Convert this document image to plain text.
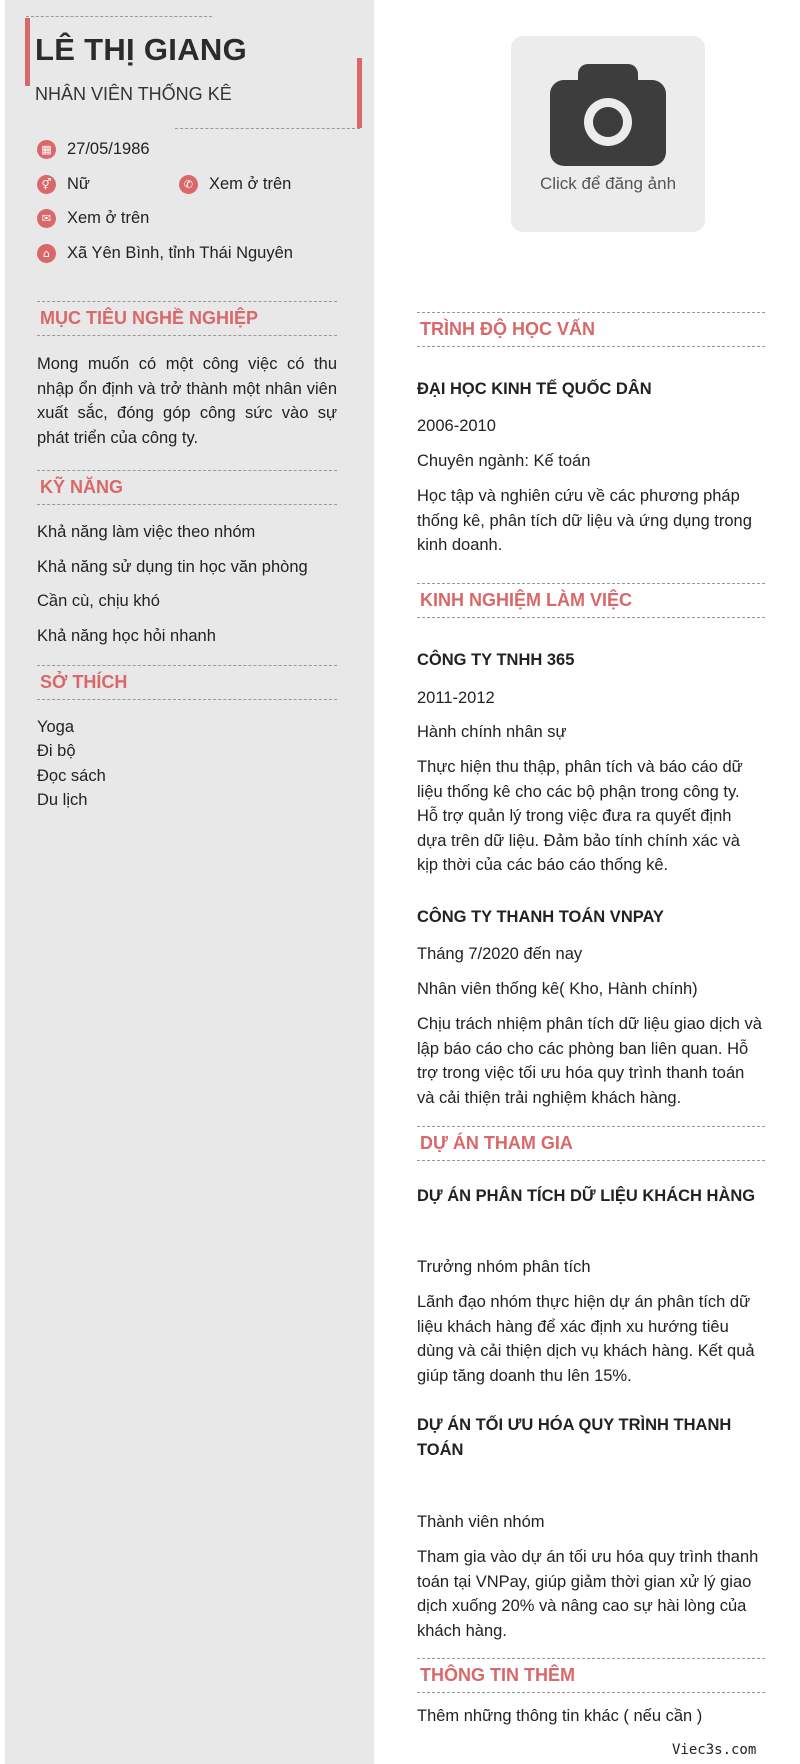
LÊ THỊ GIANG
NHÂN VIÊN THỐNG KÊ
▦ 27/05/1986
⚥ Nữ	✆ Xem ở trên
✉ Xem ở trên
⌂	Xã Yên Bình, tỉnh Thái Nguyên
MỤC TIÊU NGHỀ NGHIỆP
Mong muốn có một công việc có thu nhập ổn định và trở thành một nhân viên xuất sắc, đóng góp công sức vào sự phát triển của công ty.
KỸ NĂNG
Khả năng làm việc theo nhóm
Khả năng sử dụng tin học văn phòng
Cần cù, chịu khó
Khả năng học hỏi nhanh
SỞ THÍCH
Yoga
Đi bộ
Đọc sách
Du lịch
Click để đăng ảnh
TRÌNH ĐỘ HỌC VẤN
ĐẠI HỌC KINH TẾ QUỐC DÂN
2006-2010
Chuyên ngành: Kế toán
Học tập và nghiên cứu về các phương pháp thống kê, phân tích dữ liệu và ứng dụng trong kinh doanh.
KINH NGHIỆM LÀM VIỆC
CÔNG TY TNHH 365
2011-2012
Hành chính nhân sự
Thực hiện thu thập, phân tích và báo cáo dữ liệu thống kê cho các bộ phận trong công ty. Hỗ trợ quản lý trong việc đưa ra quyết định dựa trên dữ liệu. Đảm bảo tính chính xác và kịp thời của các báo cáo thống kê.
CÔNG TY THANH TOÁN VNPAY
Tháng 7/2020 đến nay
Nhân viên thống kê( Kho, Hành chính)
Chịu trách nhiệm phân tích dữ liệu giao dịch và lập báo cáo cho các phòng ban liên quan. Hỗ trợ trong việc tối ưu hóa quy trình thanh toán và cải thiện trải nghiệm khách hàng.
DỰ ÁN THAM GIA
DỰ ÁN PHÂN TÍCH DỮ LIỆU KHÁCH HÀNG
Trưởng nhóm phân tích
Lãnh đạo nhóm thực hiện dự án phân tích dữ liệu khách hàng để xác định xu hướng tiêu dùng và cải thiện dịch vụ khách hàng. Kết quả giúp tăng doanh thu lên 15%.
DỰ ÁN TỐI ƯU HÓA QUY TRÌNH THANH TOÁN
Thành viên nhóm
Tham gia vào dự án tối ưu hóa quy trình thanh toán tại VNPay, giúp giảm thời gian xử lý giao dịch xuống 20% và nâng cao sự hài lòng của khách hàng.
THÔNG TIN THÊM
Thêm những thông tin khác ( nếu cần )
Viec3s.com
